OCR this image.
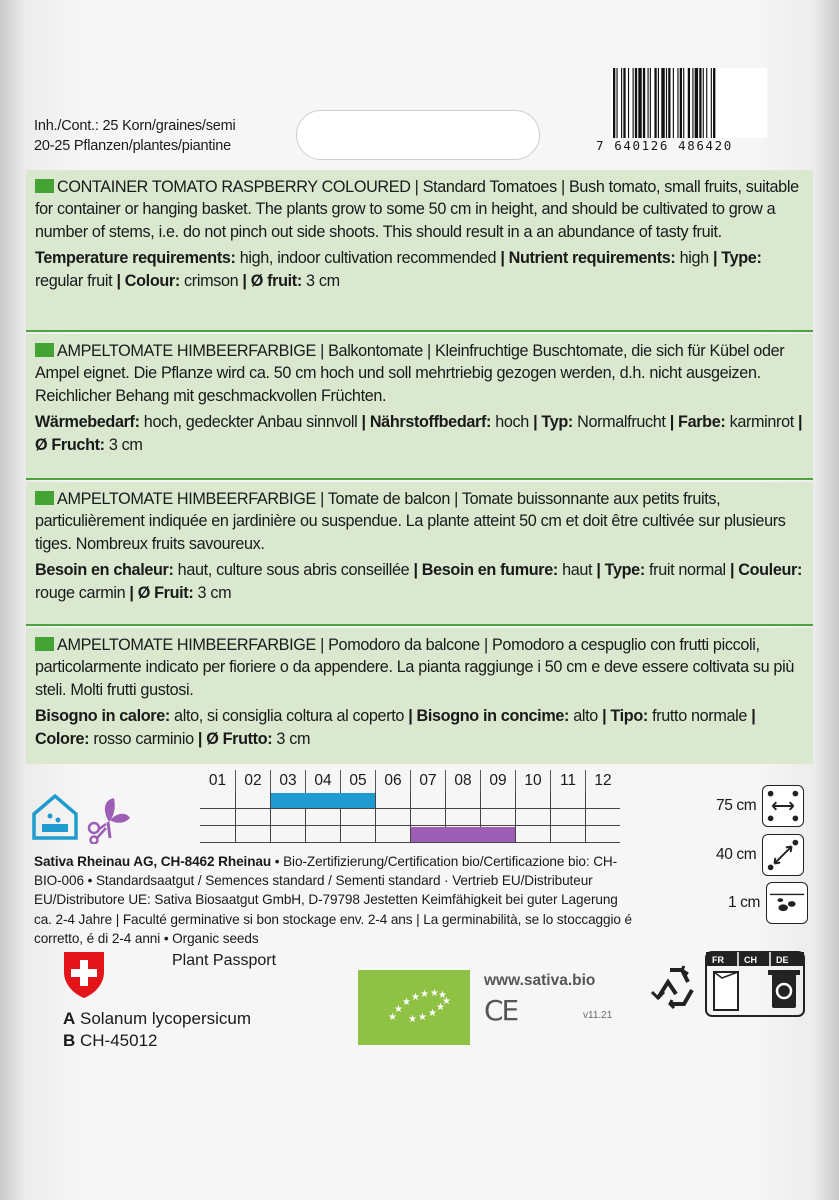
Inh./Cont.: 25 Korn/graines/semi
20-25 Pflanzen/plantes/piantine	7 640126 486420

CONTAINER TOMATO RASPBERRY COLOURED | Standard Tomatoes | Bush tomato, small fruits, suitable for container or hanging basket. The plants grow to some 50 cm in height, and should be cultivated to grow a number of stems, i.e. do not pinch out side shoots. This should result in a an abundance of tasty fruit.

Temperature requirements: high, indoor cultivation recommended | Nutrient requirements: high | Type: regular fruit | Colour: crimson | Ø fruit: 3 cm

AMPELTOMATE HIMBEERFARBIGE | Balkontomate | Kleinfruchtige Buschtomate, die sich für Kübel oder Ampel eignet. Die Pflanze wird ca. 50 cm hoch und soll mehrtriebig gezogen werden, d.h. nicht ausgeizen. Reichlicher Behang mit geschmackvollen Früchten.

Wärmebedarf: hoch, gedeckter Anbau sinnvoll | Nährstoffbedarf: hoch | Typ: Normalfrucht | Farbe: karminrot | Ø Frucht: 3 cm

AMPELTOMATE HIMBEERFARBIGE | Tomate de balcon | Tomate buissonnante aux petits fruits, particulièrement indiquée en jardinière ou suspendue. La plante atteint 50 cm et doit être cultivée sur plusieurs tiges. Nombreux fruits savoureux.

Besoin en chaleur: haut, culture sous abris conseillée | Besoin en fumure: haut | Type: fruit normal | Couleur: rouge carmin | Ø Fruit: 3 cm

AMPELTOMATE HIMBEERFARBIGE | Pomodoro da balcone | Pomodoro a cespuglio con frutti piccoli, particolarmente indicato per fioriere o da appendere. La pianta raggiunge i 50 cm e deve essere coltivata su più steli. Molti frutti gustosi.

Bisogno in calore: alto, si consiglia coltura al coperto | Bisogno in concime: alto | Tipo: frutto normale | Colore: rosso carminio | Ø Frutto: 3 cm

01	02	03	04	05	06	07	08	09	10	11	12
75 cm
40 cm
1 cm
Sativa Rheinau AG, CH-8462 Rheinau • Bio-Zertifizierung/Certification bio/Certificazione bio: CH-BIO-006 • Standardsaatgut / Semences standard / Sementi standard · Vertrieb EU/Distributeur EU/Distributore UE: Sativa Biosaatgut GmbH, D-79798 Jestetten Keimfähigkeit bei guter Lagerung ca. 2-4 Jahre | Faculté germinative si bon stockage env. 2-4 ans | La germinabilità, se lo stoccaggio é corretto, é di 2-4 anni • Organic seeds
Plant Passport
A Solanum lycopersicum
B CH-45012
★
★
★ ★ ★ ★ ★
★ ★ ★
★
★
www.sativa.bio
CE	v11.21
FR CH DE
